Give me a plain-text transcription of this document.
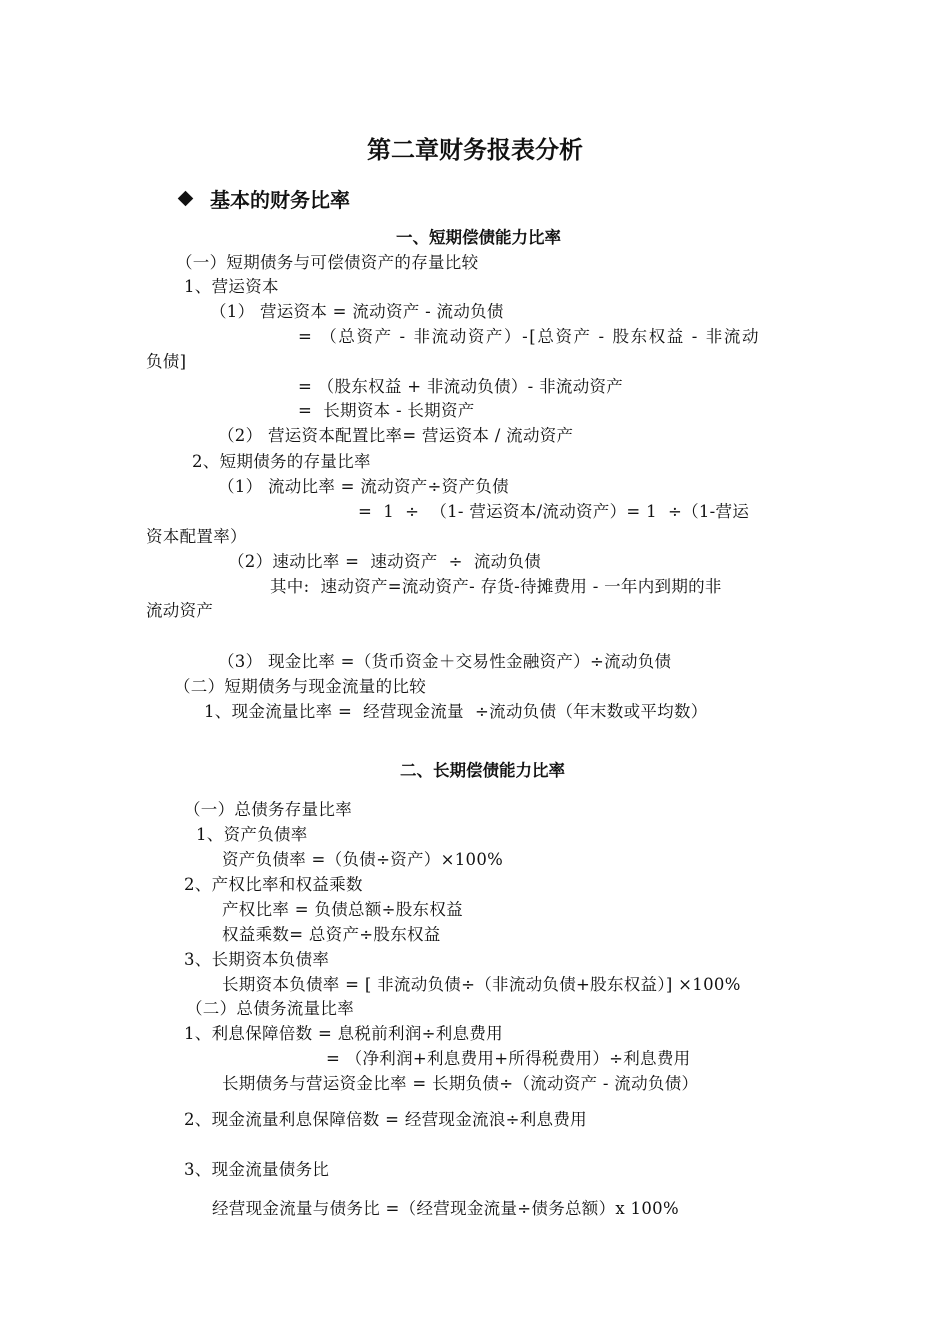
第二章财务报表分析
基本的财务比率
一、短期偿债能力比率
（一）短期债务与可偿债资产的存量比较
1、营运资本
（1） 营运资本 = 流动资产 - 流动负债
= （总资产 - 非流动资产）-[总资产 - 股东权益 - 非流动
负债]
= （股东权益 + 非流动负债）- 非流动资产
=  长期资本 - 长期资产
（2） 营运资本配置比率= 营运资本 / 流动资产
2、短期债务的存量比率
（1） 流动比率 = 流动资产÷资产负债
=  1  ÷  （1- 营运资本/流动资产）= 1  ÷（1-营运
资本配置率）
（2）速动比率 =  速动资产  ÷  流动负债
其中:  速动资产=流动资产- 存货-待摊费用 - 一年内到期的非
流动资产
（3） 现金比率 =（货币资金＋交易性金融资产）÷流动负债
（二）短期债务与现金流量的比较
1、现金流量比率 =  经营现金流量  ÷流动负债（年末数或平均数）
二、长期偿债能力比率
（一）总债务存量比率
1、资产负债率
资产负债率 =（负债÷资产）×100%
2、产权比率和权益乘数
产权比率 = 负债总额÷股东权益
权益乘数= 总资产÷股东权益
3、长期资本负债率
长期资本负债率 = [ 非流动负债÷（非流动负债+股东权益）] ×100%
（二）总债务流量比率
1、利息保障倍数 = 息税前利润÷利息费用
= （净利润+利息费用+所得税费用）÷利息费用
长期债务与营运资金比率 = 长期负债÷（流动资产 - 流动负债）
2、现金流量利息保障倍数 = 经营现金流浪÷利息费用
3、现金流量债务比
经营现金流量与债务比 =（经营现金流量÷债务总额）x 100%
